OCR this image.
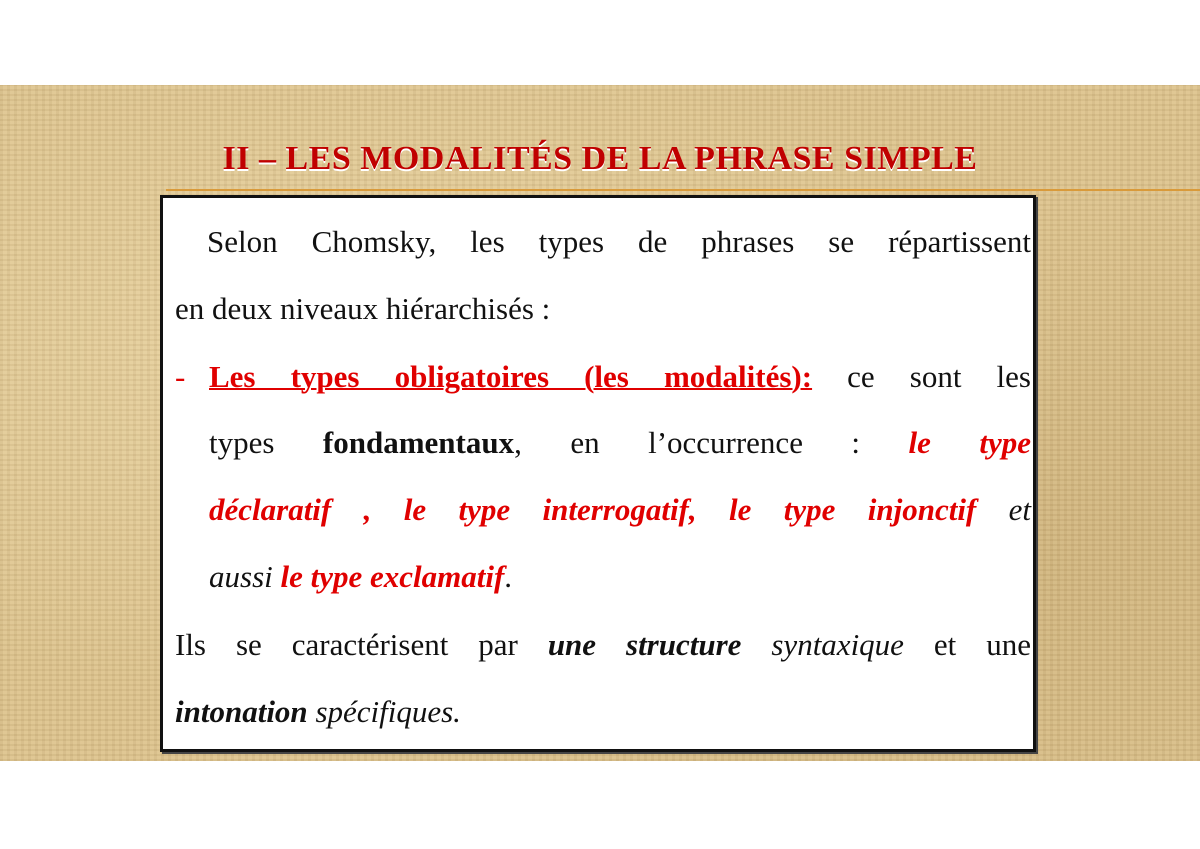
II – LES MODALITÉS DE LA PHRASE SIMPLE

Selon Chomsky, les types de phrases se répartissent

en deux niveaux hiérarchisés :

- Les types obligatoires (les modalités): ce sont les

types fondamentaux, en l’occurrence : le type

déclaratif , le type interrogatif, le type injonctif et

aussi le type exclamatif.

Ils se caractérisent par une structure syntaxique et une

intonation spécifiques.
